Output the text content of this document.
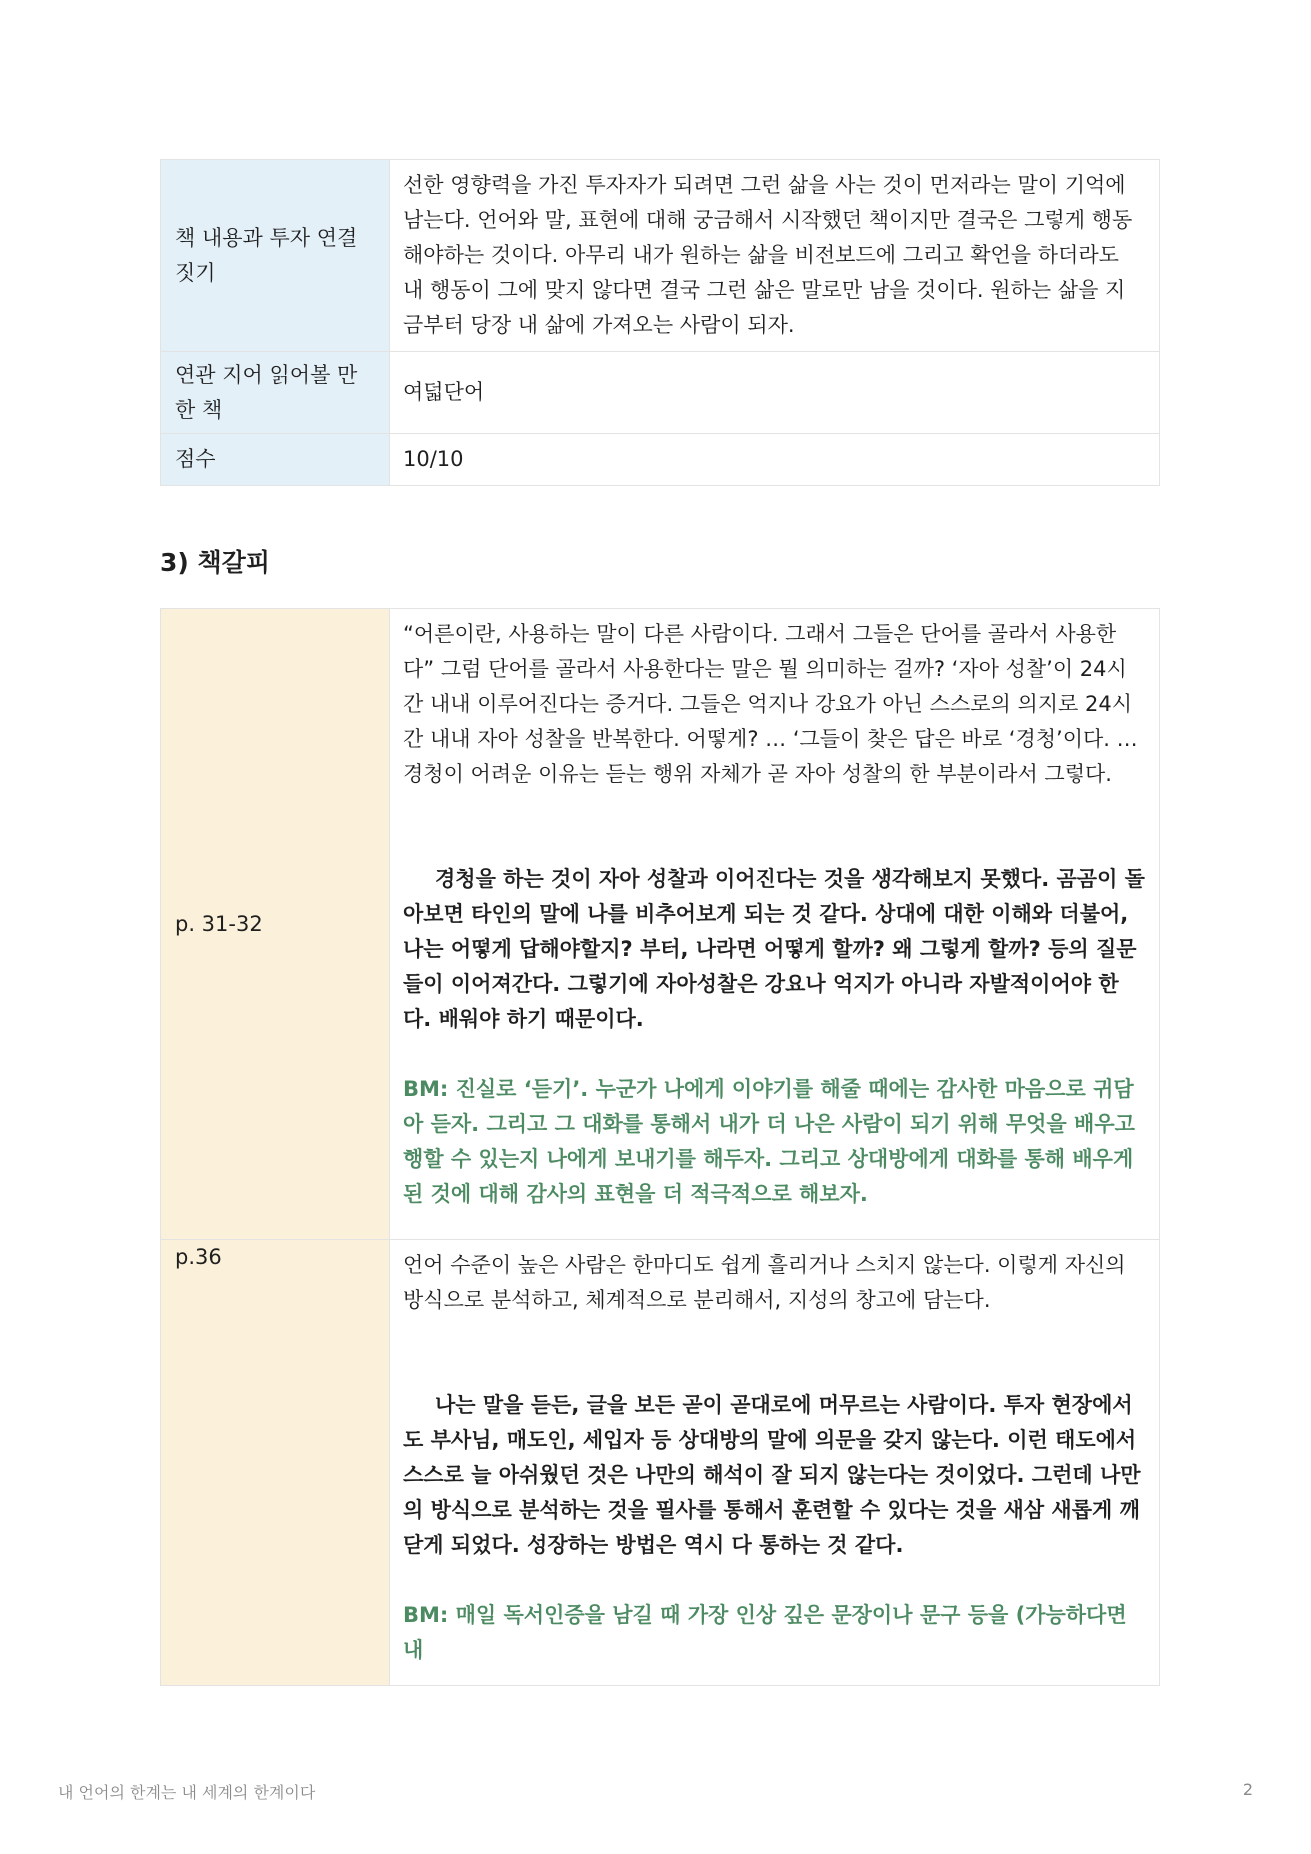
책 내용과 투자 연결 짓기	선한 영향력을 가진 투자자가 되려면 그런 삶을 사는 것이 먼저라는 말이 기억에 남는다. 언어와 말, 표현에 대해 궁금해서 시작했던 책이지만 결국은 그렇게 행동해야하는 것이다. 아무리 내가 원하는 삶을 비전보드에 그리고 확언을 하더라도 내 행동이 그에 맞지 않다면 결국 그런 삶은 말로만 남을 것이다. 원하는 삶을 지금부터 당장 내 삶에 가져오는 사람이 되자.
연관 지어 읽어볼 만한 책	여덟단어
점수	10/10
3) 책갈피
p. 31-32	“어른이란, 사용하는 말이 다른 사람이다. 그래서 그들은 단어를 골라서 사용한다” 그럼 단어를 골라서 사용한다는 말은 뭘 의미하는 걸까? ‘자아 성찰’이 24시간 내내 이루어진다는 증거다. 그들은 억지나 강요가 아닌 스스로의 의지로 24시간 내내 자아 성찰을 반복한다. 어떻게? … ‘그들이 찾은 답은 바로 ‘경청’이다. … 경청이 어려운 이유는 듣는 행위 자체가 곧 자아 성찰의 한 부분이라서 그렇다.

경청을 하는 것이 자아 성찰과 이어진다는 것을 생각해보지 못했다. 곰곰이 돌아보면 타인의 말에 나를 비추어보게 되는 것 같다. 상대에 대한 이해와 더불어, 나는 어떻게 답해야할지? 부터, 나라면 어떻게 할까? 왜 그렇게 할까? 등의 질문들이 이어져간다. 그렇기에 자아성찰은 강요나 억지가 아니라 자발적이어야 한다. 배워야 하기 때문이다.

BM: 진실로 ‘듣기’. 누군가 나에게 이야기를 해줄 때에는 감사한 마음으로 귀담아 듣자. 그리고 그 대화를 통해서 내가 더 나은 사람이 되기 위해 무엇을 배우고 행할 수 있는지 나에게 보내기를 해두자. 그리고 상대방에게 대화를 통해 배우게 된 것에 대해 감사의 표현을 더 적극적으로 해보자.

p.36	언어 수준이 높은 사람은 한마디도 쉽게 흘리거나 스치지 않는다. 이렇게 자신의 방식으로 분석하고, 체계적으로 분리해서, 지성의 창고에 담는다.

나는 말을 듣든, 글을 보든 곧이 곧대로에 머무르는 사람이다. 투자 현장에서도 부사님, 매도인, 세입자 등 상대방의 말에 의문을 갖지 않는다. 이런 태도에서 스스로 늘 아쉬웠던 것은 나만의 해석이 잘 되지 않는다는 것이었다. 그런데 나만의 방식으로 분석하는 것을 필사를 통해서 훈련할 수 있다는 것을 새삼 새롭게 깨닫게 되었다. 성장하는 방법은 역시 다 통하는 것 같다.

BM: 매일 독서인증을 남길 때 가장 인상 깊은 문장이나 문구 등을 (가능하다면 내

내 언어의 한계는 내 세계의 한계이다	2
